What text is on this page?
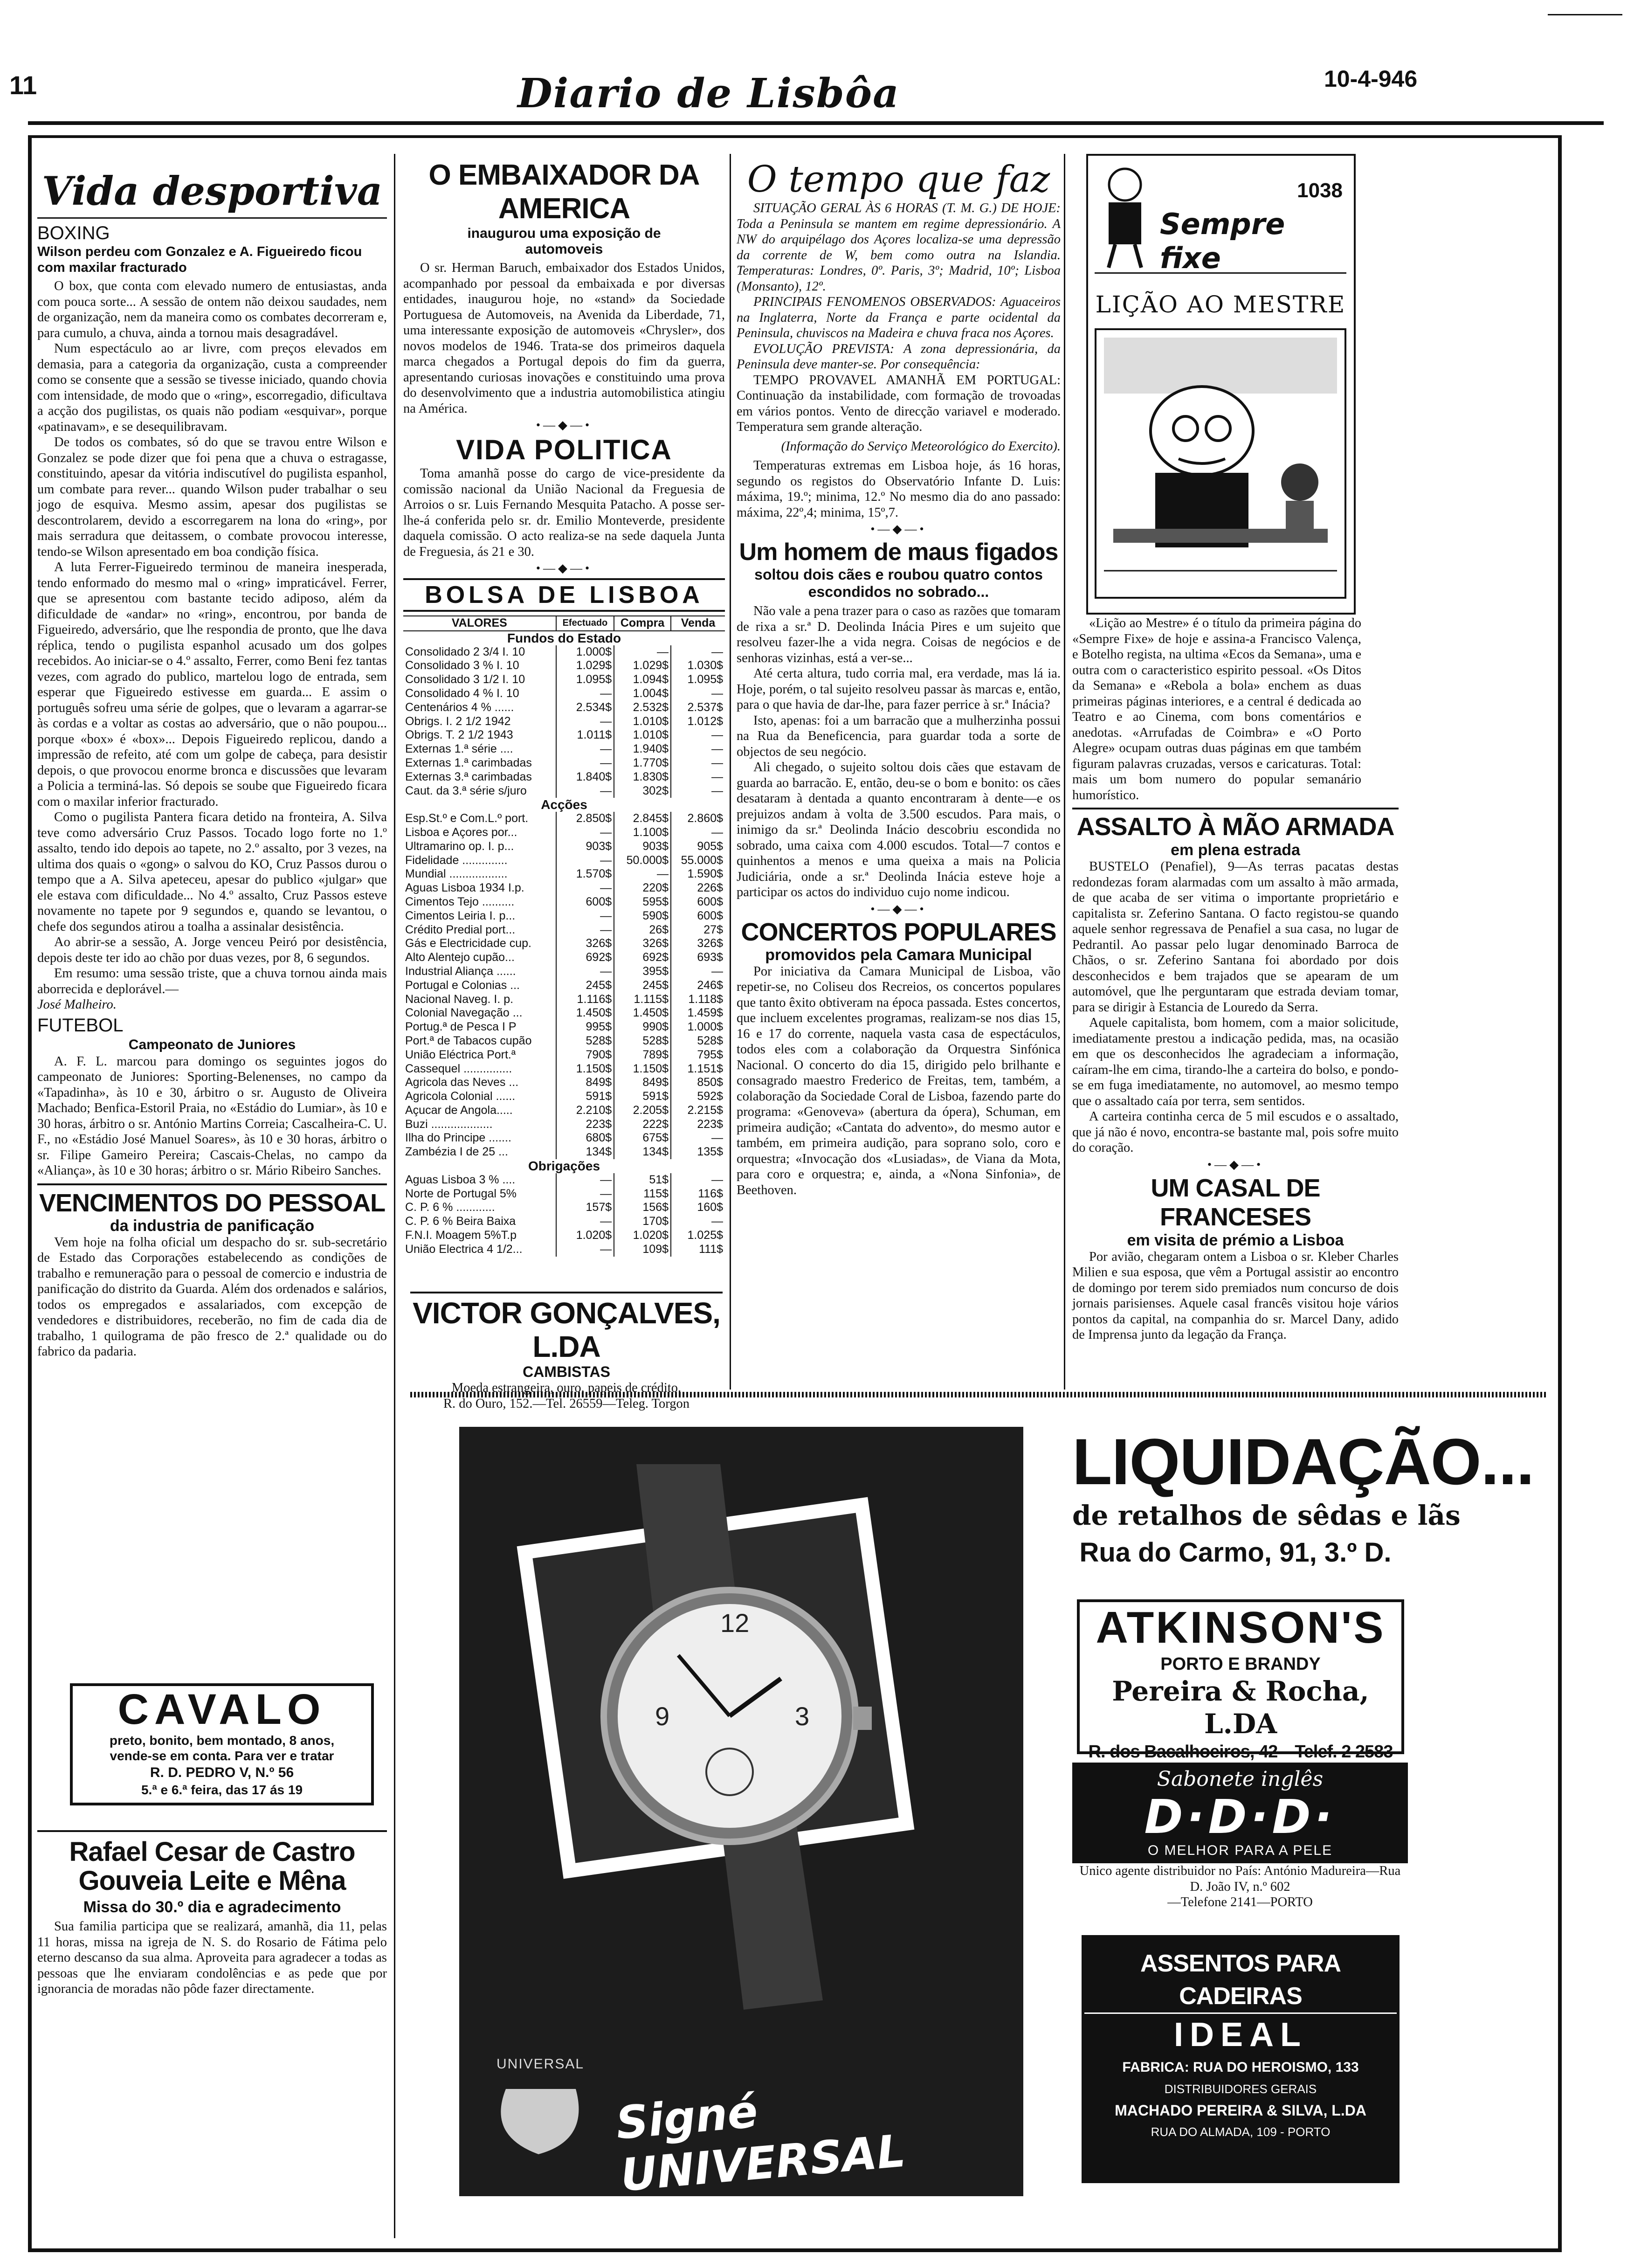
11	Diario de Lisbôa	10-4-946
Vida desportiva
BOXING
Wilson perdeu com Gonzalez e A. Figueiredo ficou com maxilar fracturado

O box, que conta com elevado numero de entusiastas, anda com pouca sorte... A sessão de ontem não deixou saudades, nem de organização, nem da maneira como os combates decorreram e, para cumulo, a chuva, ainda a tornou mais desagradável.

Num espectáculo ao ar livre, com preços elevados em demasia, para a categoria da organização, custa a compreender como se consente que a sessão se tivesse iniciado, quando chovia com intensidade, de modo que o «ring», escorregadio, dificultava a acção dos pugilistas, os quais não podiam «esquivar», porque «patinavam», e se desequilibravam.

De todos os combates, só do que se travou entre Wilson e Gonzalez se pode dizer que foi pena que a chuva o estragasse, constituindo, apesar da vitória indiscutível do pugilista espanhol, um combate para rever... quando Wilson puder trabalhar o seu jogo de esquiva. Mesmo assim, apesar dos pugilistas se descontrolarem, devido a escorregarem na lona do «ring», por mais serradura que deitassem, o combate provocou interesse, tendo-se Wilson apresentado em boa condição física.

A luta Ferrer-Figueiredo terminou de maneira inesperada, tendo enformado do mesmo mal o «ring» impraticável. Ferrer, que se apresentou com bastante tecido adiposo, além da dificuldade de «andar» no «ring», encontrou, por banda de Figueiredo, adversário, que lhe respondia de pronto, que lhe dava réplica, tendo o pugilista espanhol acusado um dos golpes recebidos. Ao iniciar-se o 4.º assalto, Ferrer, como Beni fez tantas vezes, com agrado do publico, martelou logo de entrada, sem esperar que Figueiredo estivesse em guarda... E assim o português sofreu uma série de golpes, que o levaram a agarrar-se às cordas e a voltar as costas ao adversário, que o não poupou... porque «box» é «box»... Depois Figueiredo replicou, dando a impressão de refeito, até com um golpe de cabeça, para desistir depois, o que provocou enorme bronca e discussões que levaram a Policia a terminá-las. Só depois se soube que Figueiredo ficara com o maxilar inferior fracturado.

Como o pugilista Pantera ficara detido na fronteira, A. Silva teve como adversário Cruz Passos. Tocado logo forte no 1.º assalto, tendo ido depois ao tapete, no 2.º assalto, por 3 vezes, na ultima dos quais o «gong» o salvou do KO, Cruz Passos durou o tempo que a A. Silva apeteceu, apesar do publico «julgar» que ele estava com dificuldade... No 4.º assalto, Cruz Passos esteve novamente no tapete por 9 segundos e, quando se levantou, o chefe dos segundos atirou a toalha a assinalar desistência.

Ao abrir-se a sessão, A. Jorge venceu Peiró por desistência, depois deste ter ido ao chão por duas vezes, por 8, 6 segundos.

Em resumo: uma sessão triste, que a chuva tornou ainda mais aborrecida e deplorável.—

José Malheiro.
FUTEBOL
Campeonato de Juniores

A. F. L. marcou para domingo os seguintes jogos do campeonato de Juniores: Sporting-Belenenses, no campo da «Tapadinha», às 10 e 30, árbitro o sr. Augusto de Oliveira Machado; Benfica-Estoril Praia, no «Estádio do Lumiar», às 10 e 30 horas, árbitro o sr. António Martins Correia; Cascalheira-C. U. F., no «Estádio José Manuel Soares», às 10 e 30 horas, árbitro o sr. Filipe Gameiro Pereira; Cascais-Chelas, no campo da «Aliança», às 10 e 30 horas; árbitro o sr. Mário Ribeiro Sanches.

VENCIMENTOS DO PESSOAL
da industria de panificação

Vem hoje na folha oficial um despacho do sr. sub-secretário de Estado das Corporações estabelecendo as condições de trabalho e remuneração para o pessoal de comercio e industria de panificação do distrito da Guarda. Além dos ordenados e salários, todos os empregados e assalariados, com excepção de vendedores e distribuidores, receberão, no fim de cada dia de trabalho, 1 quilograma de pão fresco de 2.ª qualidade ou do fabrico da padaria.

CAVALO
preto, bonito, bem montado, 8 anos, vende-se em conta. Para ver e tratar
R. D. PEDRO V, N.º 56
5.ª e 6.ª feira, das 17 ás 19
Rafael Cesar de Castro Gouveia Leite e Mêna
Missa do 30.º dia e agradecimento

Sua familia participa que se realizará, amanhã, dia 11, pelas 11 horas, missa na igreja de N. S. do Rosario de Fátima pelo eterno descanso da sua alma. Aproveita para agradecer a todas as pessoas que lhe enviaram condolências e as pede que por ignorancia de moradas não pôde fazer directamente.

O EMBAIXADOR DA AMERICA
inaugurou uma exposição de automoveis

O sr. Herman Baruch, embaixador dos Estados Unidos, acompanhado por pessoal da embaixada e por diversas entidades, inaugurou hoje, no «stand» da Sociedade Portuguesa de Automoveis, na Avenida da Liberdade, 71, uma interessante exposição de automoveis «Chrysler», dos novos modelos de 1946. Trata-se dos primeiros daquela marca chegados a Portugal depois do fim da guerra, apresentando curiosas inovações e constituindo uma prova do desenvolvimento que a industria automobilistica atingiu na América.

•—◆—•
VIDA POLITICA

Toma amanhã posse do cargo de vice-presidente da comissão nacional da União Nacional da Freguesia de Arroios o sr. Luis Fernando Mesquita Patacho. A posse ser-lhe-á conferida pelo sr. dr. Emilio Monteverde, presidente daquela comissão. O acto realiza-se na sede daquela Junta de Freguesia, ás 21 e 30.

•—◆—•
BOLSA DE LISBOA
VALORES	Efectuado	Compra	Venda
Fundos do Estado			
Consolidado 2 3/4 I. 10	1.000$	—	—
Consolidado 3 % I. 10	1.029$	1.029$	1.030$
Consolidado 3 1/2 I. 10	1.095$	1.094$	1.095$
Consolidado 4 % I. 10	—	1.004$	—
Centenários 4 % ......	2.534$	2.532$	2.537$
Obrigs. I. 2 1/2 1942	—	1.010$	1.012$
Obrigs. T. 2 1/2 1943	1.011$	1.010$	—
Externas 1.ª série ....	—	1.940$	—
Externas 1.ª carimbadas	—	1.770$	—
Externas 3.ª carimbadas	1.840$	1.830$	—
Caut. da 3.ª série s/juro	—	302$	—
Acções			
Esp.St.º e Com.L.º port.	2.850$	2.845$	2.860$
Lisboa e Açores por...	—	1.100$	—
Ultramarino op. I. p...	903$	903$	905$
Fidelidade ..............	—	50.000$	55.000$
Mundial ..................	1.570$	—	1.590$
Aguas Lisboa 1934 I.p.	—	220$	226$
Cimentos Tejo ..........	600$	595$	600$
Cimentos Leiria I. p...	—	590$	600$
Crédito Predial port...	—	26$	27$
Gás e Electricidade cup.	326$	326$	326$
Alto Alentejo cupão...	692$	692$	693$
Industrial Aliança ......	—	395$	—
Portugal e Colonias ...	245$	245$	246$
Nacional Naveg. I. p.	1.116$	1.115$	1.118$
Colonial Navegação ...	1.450$	1.450$	1.459$
Portug.ª de Pesca I P	995$	990$	1.000$
Port.ª de Tabacos cupão	528$	528$	528$
União Eléctrica Port.ª	790$	789$	795$
Cassequel ...............	1.150$	1.150$	1.151$
Agricola das Neves ...	849$	849$	850$
Agricola Colonial ......	591$	591$	592$
Açucar de Angola.....	2.210$	2.205$	2.215$
Buzi ...................	223$	222$	223$
Ilha do Principe .......	680$	675$	—
Zambézia I de 25 ...	134$	134$	135$
Obrigações			
Aguas Lisboa 3 % ....	—	51$	—
Norte de Portugal 5%	—	115$	116$
C. P. 6 % ............	157$	156$	160$
C. P. 6 % Beira Baixa	—	170$	—
F.N.I. Moagem 5%T.p	1.020$	1.020$	1.025$
União Electrica 4 1/2...	—	109$	111$
VICTOR GONÇALVES, L.DA
CAMBISTAS
Moeda estrangeira, ouro, papeis de crédito.
R. do Ouro, 152.—Tel. 26559—Teleg. Torgon
O tempo que faz

SITUAÇÃO GERAL ÀS 6 HORAS (T. M. G.) DE HOJE: Toda a Peninsula se mantem em regime depressionário. A NW do arquipélago dos Açores localiza-se uma depressão da corrente de W, bem como outra na Islandia. Temperaturas: Londres, 0º. Paris, 3º; Madrid, 10º; Lisboa (Monsanto), 12º.

PRINCIPAIS FENOMENOS OBSERVADOS: Aguaceiros na Inglaterra, Norte da França e parte ocidental da Peninsula, chuviscos na Madeira e chuva fraca nos Açores.

EVOLUÇÃO PREVISTA: A zona depressionária, da Peninsula deve manter-se. Por consequência:

TEMPO PROVAVEL AMANHÃ EM PORTUGAL: Continuação da instabilidade, com formação de trovoadas em vários pontos. Vento de direcção variavel e moderado. Temperatura sem grande alteração.

(Informação do Serviço Meteorológico do Exercito).

Temperaturas extremas em Lisboa hoje, ás 16 horas, segundo os registos do Observatório Infante D. Luis: máxima, 19.º; minima, 12.º No mesmo dia do ano passado: máxima, 22º,4; minima, 15º,7.

•—◆—•
Um homem de maus figados
soltou dois cães e roubou quatro contos escondidos no sobrado...

Não vale a pena trazer para o caso as razões que tomaram de rixa a sr.ª D. Deolinda Inácia Pires e um sujeito que resolveu fazer-lhe a vida negra. Coisas de negócios e de senhoras vizinhas, está a ver-se...

Até certa altura, tudo corria mal, era verdade, mas lá ia. Hoje, porém, o tal sujeito resolveu passar às marcas e, então, para o que havia de dar-lhe, para fazer perrice à sr.ª Inácia?

Isto, apenas: foi a um barracão que a mulherzinha possui na Rua da Beneficencia, para guardar toda a sorte de objectos de seu negócio.

Ali chegado, o sujeito soltou dois cães que estavam de guarda ao barracão. E, então, deu-se o bom e bonito: os cães desataram à dentada a quanto encontraram à dente—e os prejuizos andam à volta de 3.500 escudos. Para mais, o inimigo da sr.ª Deolinda Inácio descobriu escondida no sobrado, uma caixa com 4.000 escudos. Total—7 contos e quinhentos a menos e uma queixa a mais na Policia Judiciária, onde a sr.ª Deolinda Inácia esteve hoje a participar os actos do individuo cujo nome indicou.

•—◆—•
CONCERTOS POPULARES
promovidos pela Camara Municipal

Por iniciativa da Camara Municipal de Lisboa, vão repetir-se, no Coliseu dos Recreios, os concertos populares que tanto êxito obtiveram na época passada. Estes concertos, que incluem excelentes programas, realizam-se nos dias 15, 16 e 17 do corrente, naquela vasta casa de espectáculos, todos eles com a colaboração da Orquestra Sinfónica Nacional. O concerto do dia 15, dirigido pelo brilhante e consagrado maestro Frederico de Freitas, tem, também, a colaboração da Sociedade Coral de Lisboa, fazendo parte do programa: «Genoveva» (abertura da ópera), Schuman, em primeira audição; «Cantata do advento», do mesmo autor e também, em primeira audição, para soprano solo, coro e orquestra; «Invocação dos «Lusiadas», de Viana da Mota, para coro e orquestra; e, ainda, a «Nona Sinfonia», de Beethoven.

1038
Sempre fixe
LIÇÃO AO MESTRE

«Lição ao Mestre» é o título da primeira página do «Sempre Fixe» de hoje e assina-a Francisco Valença, e Botelho regista, na ultima «Ecos da Semana», uma e outra com o caracteristico espirito pessoal. «Os Ditos da Semana» e «Rebola a bola» enchem as duas primeiras páginas interiores, e a central é dedicada ao Teatro e ao Cinema, com bons comentários e anedotas. «Arrufadas de Coimbra» e «O Porto Alegre» ocupam outras duas páginas em que também figuram palavras cruzadas, versos e caricaturas. Total: mais um bom numero do popular semanário humorístico.

ASSALTO À MÃO ARMADA
em plena estrada

BUSTELO (Penafiel), 9—As terras pacatas destas redondezas foram alarmadas com um assalto à mão armada, de que acaba de ser vitima o importante proprietário e capitalista sr. Zeferino Santana. O facto registou-se quando aquele senhor regressava de Penafiel a sua casa, no lugar de Pedrantil. Ao passar pelo lugar denominado Barroca de Chãos, o sr. Zeferino Santana foi abordado por dois desconhecidos e bem trajados que se apearam de um automóvel, que lhe perguntaram que estrada deviam tomar, para se dirigir à Estancia de Louredo da Serra.

Aquele capitalista, bom homem, com a maior solicitude, imediatamente prestou a indicação pedida, mas, na ocasião em que os desconhecidos lhe agradeciam a informação, caíram-lhe em cima, tirando-lhe a carteira do bolso, e pondo-se em fuga imediatamente, no automovel, ao mesmo tempo que o assaltado caía por terra, sem sentidos.

A carteira continha cerca de 5 mil escudos e o assaltado, que já não é novo, encontra-se bastante mal, pois sofre muito do coração.

•—◆—•
UM CASAL DE FRANCESES
em visita de prémio a Lisboa

Por avião, chegaram ontem a Lisboa o sr. Kleber Charles Milien e sua esposa, que vêm a Portugal assistir ao encontro de domingo por terem sido premiados num concurso de dois jornais parisienses. Aquele casal francês visitou hoje vários pontos da capital, na companhia do sr. Marcel Dany, adido de Imprensa junto da legação da França.

12
3
9
UNIVERSAL
Signé UNIVERSAL
LIQUIDAÇÃO...
de retalhos de sêdas e lãs
Rua do Carmo, 91, 3.º D.
ATKINSON'S
PORTO E BRANDY
Pereira & Rocha, L.DA
R. dos Bacalhoeiros, 42—Telef. 2 2583
Sabonete inglês
D·D·D·
O MELHOR PARA A PELE
Unico agente distribuidor no País: António Madureira—Rua D. João IV, n.º 602
—Telefone 2141—PORTO
ASSENTOS PARA CADEIRAS
IDEAL
FABRICA: RUA DO HEROISMO, 133
DISTRIBUIDORES GERAIS
MACHADO PEREIRA & SILVA, L.DA
RUA DO ALMADA, 109 - PORTO
